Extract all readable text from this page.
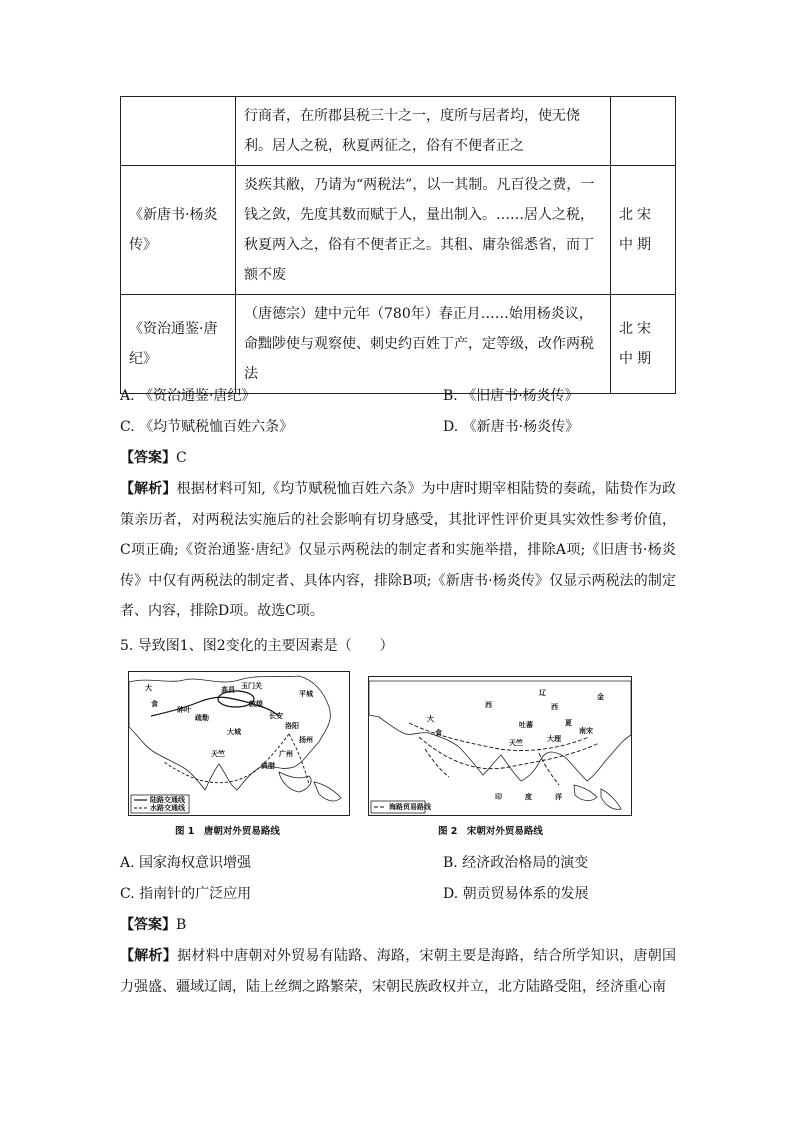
	行商者，在所郡县税三十之一，度所与居者均，使无侥利。居人之税，秋夏两征之，俗有不便者正之	
《新唐书·杨炎传》	炎疾其敝，乃请为“两税法”，以一其制。凡百役之费，一钱之敛，先度其数而赋于人，量出制入。……居人之税，秋夏两入之，俗有不便者正之。其租、庸杂徭悉省，而丁额不废	北宋中期
《资治通鉴·唐纪》	（唐德宗）建中元年（780年）春正月……始用杨炎议，命黜陟使与观察使、刺史约百姓丁产，定等级，改作两税法	北宋中期
A. 《资治通鉴·唐纪》	B. 《旧唐书·杨炎传》
C. 《均节赋税恤百姓六条》	D. 《新唐书·杨炎传》
【答案】C
【解析】根据材料可知,《均节赋税恤百姓六条》为中唐时期宰相陆贽的奏疏，陆贽作为政策亲历者，对两税法实施后的社会影响有切身感受，其批评性评价更具实效性参考价值，C项正确;《资治通鉴·唐纪》仅显示两税法的制定者和实施举措，排除A项;《旧唐书·杨炎传》中仅有两税法的制定者、具体内容，排除B项;《新唐书·杨炎传》仅显示两税法的制定者、内容，排除D项。故选C项。
5. 导致图1、图2变化的主要因素是（　　）
大
食
碎叶
疏勒
高昌 玉门关
敦煌
长安
洛阳
扬州
广州
平城
真腊
大城
天竺
陆路交通线
水路交通线
图 1　唐朝对外贸易路线
西
辽
西
金
吐蕃	夏
大
食
天竺	大理
南宋
印	度	洋
海路贸易路线
图 2　宋朝对外贸易路线
A. 国家海权意识增强	B. 经济政治格局的演变
C. 指南针的广泛应用	D. 朝贡贸易体系的发展
【答案】B
【解析】据材料中唐朝对外贸易有陆路、海路，宋朝主要是海路，结合所学知识，唐朝国力强盛、疆域辽阔，陆上丝绸之路繁荣，宋朝民族政权并立，北方陆路受阻，经济重心南
